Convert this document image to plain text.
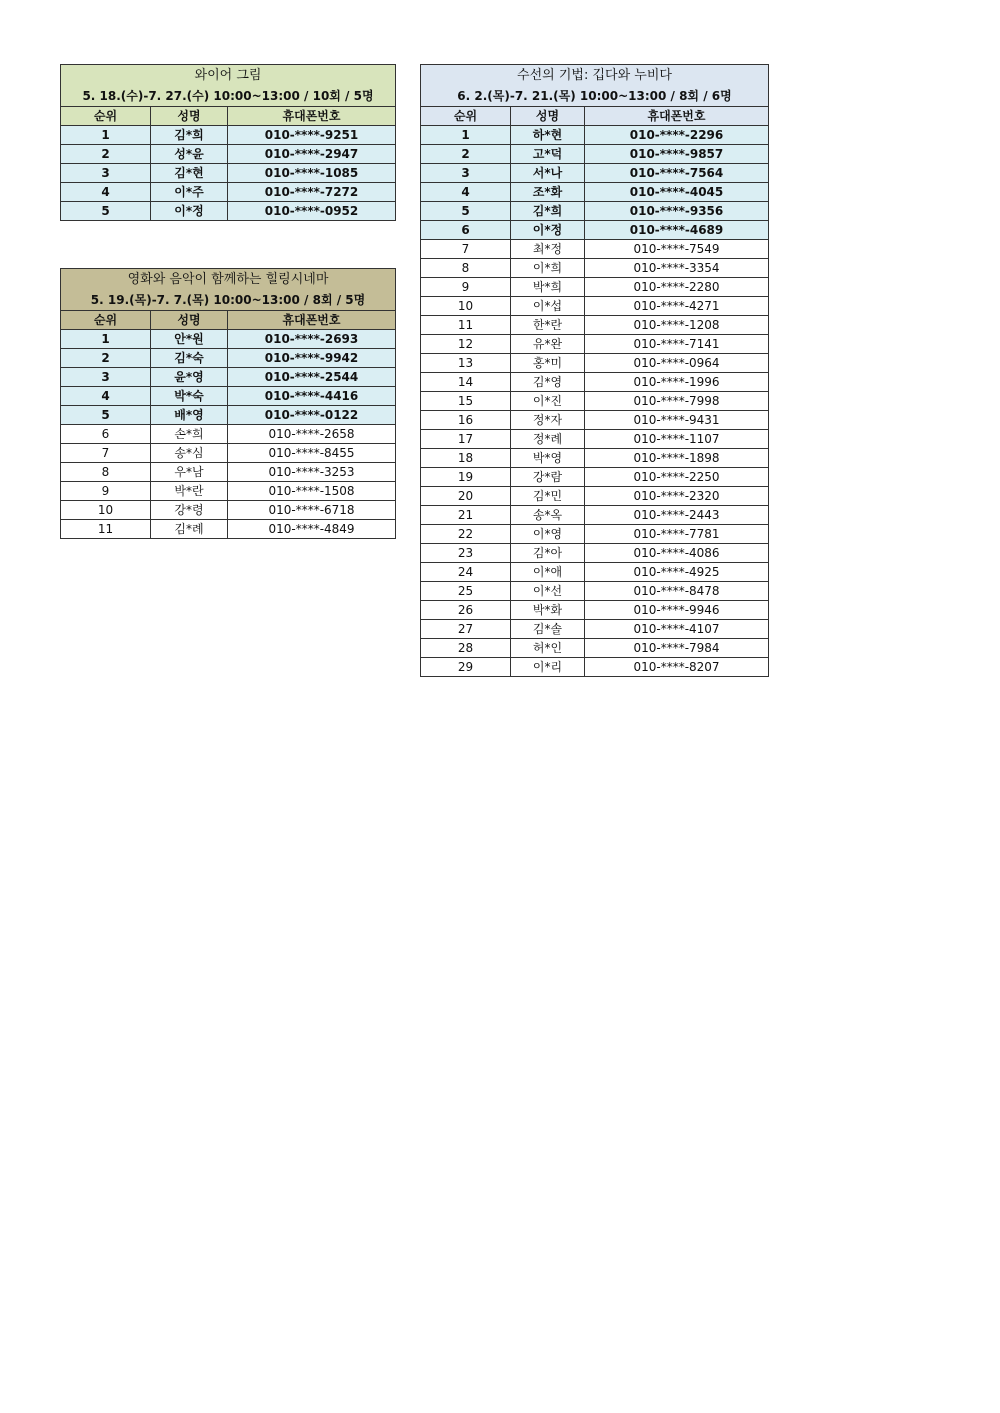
와이어 그림		
5. 18.(수)-7. 27.(수) 10:00~13:00 / 10회 / 5명		
순위	성명	휴대폰번호
1	김*희	010-****-9251
2	성*윤	010-****-2947
3	김*현	010-****-1085
4	이*주	010-****-7272
5	이*정	010-****-0952
영화와 음악이 함께하는 힐링시네마		
5. 19.(목)-7. 7.(목) 10:00~13:00 / 8회 / 5명		
순위	성명	휴대폰번호
1	안*원	010-****-2693
2	김*숙	010-****-9942
3	윤*영	010-****-2544
4	박*숙	010-****-4416
5	배*영	010-****-0122
6	손*희	010-****-2658
7	송*심	010-****-8455
8	우*남	010-****-3253
9	박*란	010-****-1508
10	강*령	010-****-6718
11	김*례	010-****-4849
수선의 기법: 깁다와 누비다		
6. 2.(목)-7. 21.(목) 10:00~13:00 / 8회 / 6명		
순위	성명	휴대폰번호
1	하*현	010-****-2296
2	고*덕	010-****-9857
3	서*나	010-****-7564
4	조*화	010-****-4045
5	김*희	010-****-9356
6	이*정	010-****-4689
7	최*정	010-****-7549
8	이*희	010-****-3354
9	박*희	010-****-2280
10	이*섭	010-****-4271
11	한*란	010-****-1208
12	유*완	010-****-7141
13	홍*미	010-****-0964
14	김*영	010-****-1996
15	이*진	010-****-7998
16	정*자	010-****-9431
17	정*례	010-****-1107
18	박*영	010-****-1898
19	강*람	010-****-2250
20	김*민	010-****-2320
21	송*옥	010-****-2443
22	이*영	010-****-7781
23	김*아	010-****-4086
24	이*애	010-****-4925
25	이*선	010-****-8478
26	박*화	010-****-9946
27	김*솔	010-****-4107
28	허*인	010-****-7984
29	이*리	010-****-8207
